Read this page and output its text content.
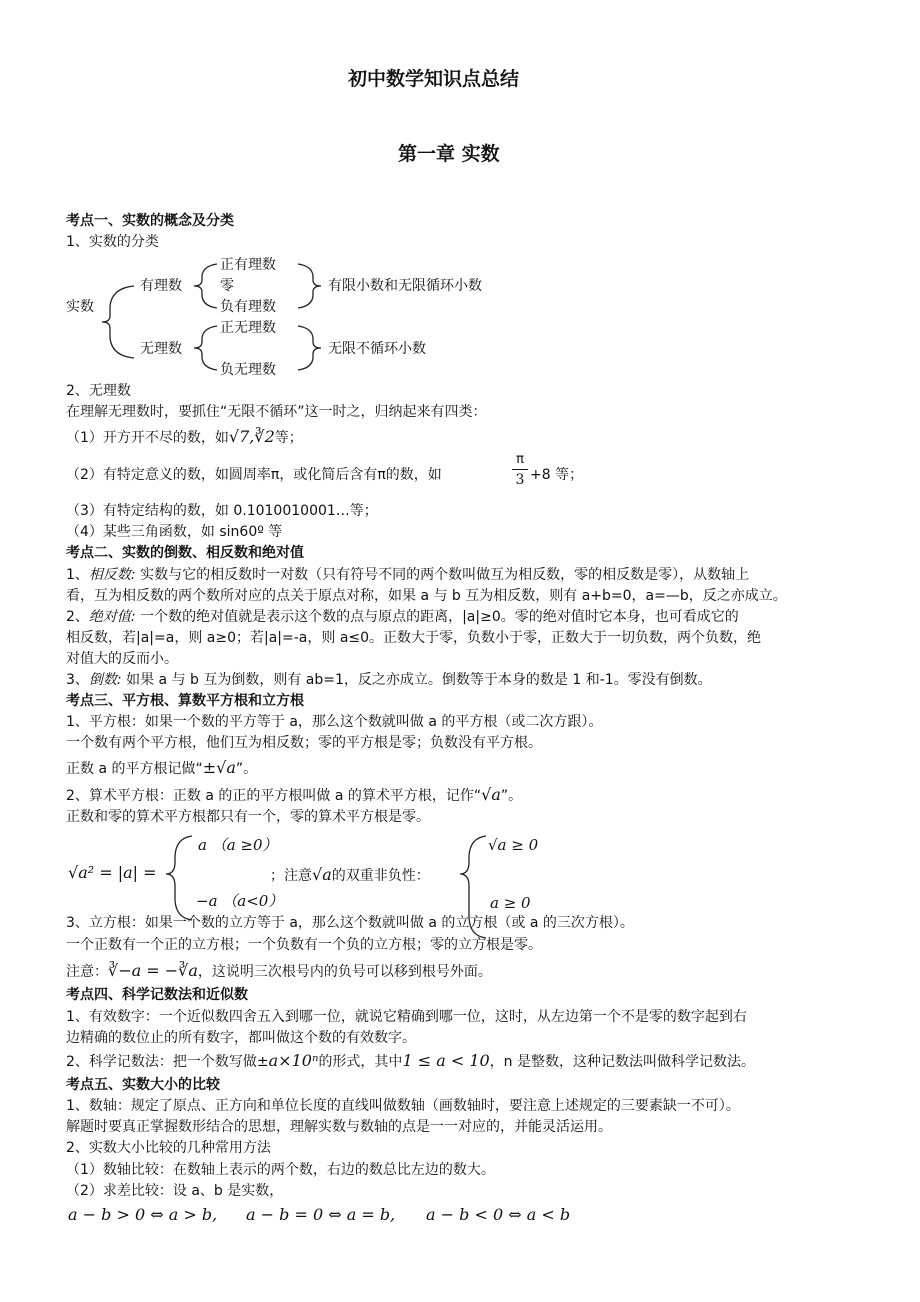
初中数学知识点总结
第一章 实数
考点一、实数的概念及分类
1、实数的分类
实数
有理数
正有理数
零
负有理数
有限小数和无限循环小数
无理数
正无理数
负无理数
无限不循环小数
2、无理数
在理解无理数时，要抓住“无限不循环”这一时之，归纳起来有四类：
（1）开方开不尽的数，如√7,∛2等；
（2）有特定意义的数，如圆周率π，或化简后含有π的数，如	$\frac{\pi}{3} +8$ 等；
（3）有特定结构的数，如 0.1010010001…等；
（4）某些三角函数，如 sin60º 等
考点二、实数的倒数、相反数和绝对值
1、相反数: 实数与它的相反数时一对数（只有符号不同的两个数叫做互为相反数，零的相反数是零），从数轴上
看，互为相反数的两个数所对应的点关于原点对称，如果 a 与 b 互为相反数，则有 a+b=0，a=—b，反之亦成立。
2、绝对值: 一个数的绝对值就是表示这个数的点与原点的距离，|a|≥0。零的绝对值时它本身，也可看成它的
相反数，若|a|=a，则 a≥0；若|a|=-a，则 a≤0。正数大于零，负数小于零，正数大于一切负数，两个负数，绝
对值大的反而小。
3、倒数: 如果 a 与 b 互为倒数，则有 ab=1，反之亦成立。倒数等于本身的数是 1 和-1。零没有倒数。
考点三、平方根、算数平方根和立方根
1、平方根：如果一个数的平方等于 a，那么这个数就叫做 a 的平方根（或二次方跟）。
一个数有两个平方根，他们互为相反数；零的平方根是零；负数没有平方根。
正数 a 的平方根记做“±√a”。
2、算术平方根：正数 a 的正的平方根叫做 a 的算术平方根，记作“√a”。
正数和零的算术平方根都只有一个，零的算术平方根是零。
√a² = |a| =
a （a ≥0）
−a （a<0）
；注意√a的双重非负性：
√a ≥ 0
a ≥ 0
3、立方根：如果一个数的立方等于 a，那么这个数就叫做 a 的立方根（或 a 的三次方根）。
一个正数有一个正的立方根；一个负数有一个负的立方根；零的立方根是零。
注意：∛−a = −∛a，这说明三次根号内的负号可以移到根号外面。
考点四、科学记数法和近似数
1、有效数字：一个近似数四舍五入到哪一位，就说它精确到哪一位，这时，从左边第一个不是零的数字起到右
边精确的数位止的所有数字，都叫做这个数的有效数字。
2、科学记数法：把一个数写做±a×10ⁿ的形式，其中1 ≤ a < 10，n 是整数，这种记数法叫做科学记数法。
考点五、实数大小的比较
1、数轴：规定了原点、正方向和单位长度的直线叫做数轴（画数轴时，要注意上述规定的三要素缺一不可）。
解题时要真正掌握数形结合的思想，理解实数与数轴的点是一一对应的，并能灵活运用。
2、实数大小比较的几种常用方法
（1）数轴比较：在数轴上表示的两个数，右边的数总比左边的数大。
（2）求差比较：设 a、b 是实数，
a − b > 0 ⇔ a > b, a − b = 0 ⇔ a = b, a − b < 0 ⇔ a < b
